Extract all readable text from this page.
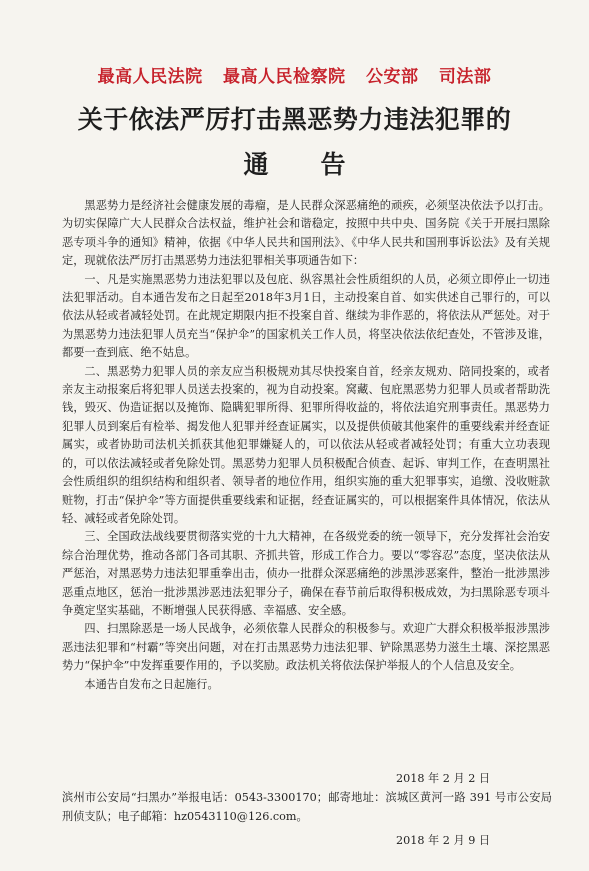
最高人民法院 最高人民检察院 公安部 司法部
关于依法严厉打击黑恶势力违法犯罪的
通 告

黑恶势力是经济社会健康发展的毒瘤，是人民群众深恶痛绝的顽疾，必须坚决依法予以打击。为切实保障广大人民群众合法权益，维护社会和谐稳定，按照中共中央、国务院《关于开展扫黑除恶专项斗争的通知》精神，依据《中华人民共和国刑法》、《中华人民共和国刑事诉讼法》及有关规定，现就依法严厉打击黑恶势力违法犯罪相关事项通告如下：

一、凡是实施黑恶势力违法犯罪以及包庇、纵容黑社会性质组织的人员，必须立即停止一切违法犯罪活动。自本通告发布之日起至2018年3月1日，主动投案自首、如实供述自己罪行的，可以依法从轻或者减轻处罚。在此规定期限内拒不投案自首、继续为非作恶的，将依法从严惩处。对于为黑恶势力违法犯罪人员充当“保护伞”的国家机关工作人员，将坚决依法依纪查处，不管涉及谁，都要一查到底、绝不姑息。

二、黑恶势力犯罪人员的亲友应当积极规劝其尽快投案自首，经亲友规劝、陪同投案的，或者亲友主动报案后将犯罪人员送去投案的，视为自动投案。窝藏、包庇黑恶势力犯罪人员或者帮助洗钱，毁灭、伪造证据以及掩饰、隐瞒犯罪所得、犯罪所得收益的，将依法追究刑事责任。黑恶势力犯罪人员到案后有检举、揭发他人犯罪并经查证属实，以及提供侦破其他案件的重要线索并经查证属实，或者协助司法机关抓获其他犯罪嫌疑人的，可以依法从轻或者减轻处罚；有重大立功表现的，可以依法减轻或者免除处罚。黑恶势力犯罪人员积极配合侦查、起诉、审判工作，在查明黑社会性质组织的组织结构和组织者、领导者的地位作用，组织实施的重大犯罪事实，追缴、没收赃款赃物，打击“保护伞”等方面提供重要线索和证据，经查证属实的，可以根据案件具体情况，依法从轻、减轻或者免除处罚。

三、全国政法战线要贯彻落实党的十九大精神，在各级党委的统一领导下，充分发挥社会治安综合治理优势，推动各部门各司其职、齐抓共管，形成工作合力。要以“零容忍”态度，坚决依法从严惩治，对黑恶势力违法犯罪重拳出击，侦办一批群众深恶痛绝的涉黑涉恶案件，整治一批涉黑涉恶重点地区，惩治一批涉黑涉恶违法犯罪分子，确保在春节前后取得积极成效，为扫黑除恶专项斗争奠定坚实基础，不断增强人民获得感、幸福感、安全感。

四、扫黑除恶是一场人民战争，必须依靠人民群众的积极参与。欢迎广大群众积极举报涉黑涉恶违法犯罪和“村霸”等突出问题，对在打击黑恶势力违法犯罪、铲除黑恶势力滋生土壤、深挖黑恶势力“保护伞”中发挥重要作用的，予以奖励。政法机关将依法保护举报人的个人信息及安全。

本通告自发布之日起施行。

2018 年 2 月 2 日
滨州市公安局“扫黑办”举报电话：0543-3300170；邮寄地址：滨城区黄河一路 391 号市公安局刑侦支队；电子邮箱：hz0543110@126.com。
2018 年 2 月 9 日
